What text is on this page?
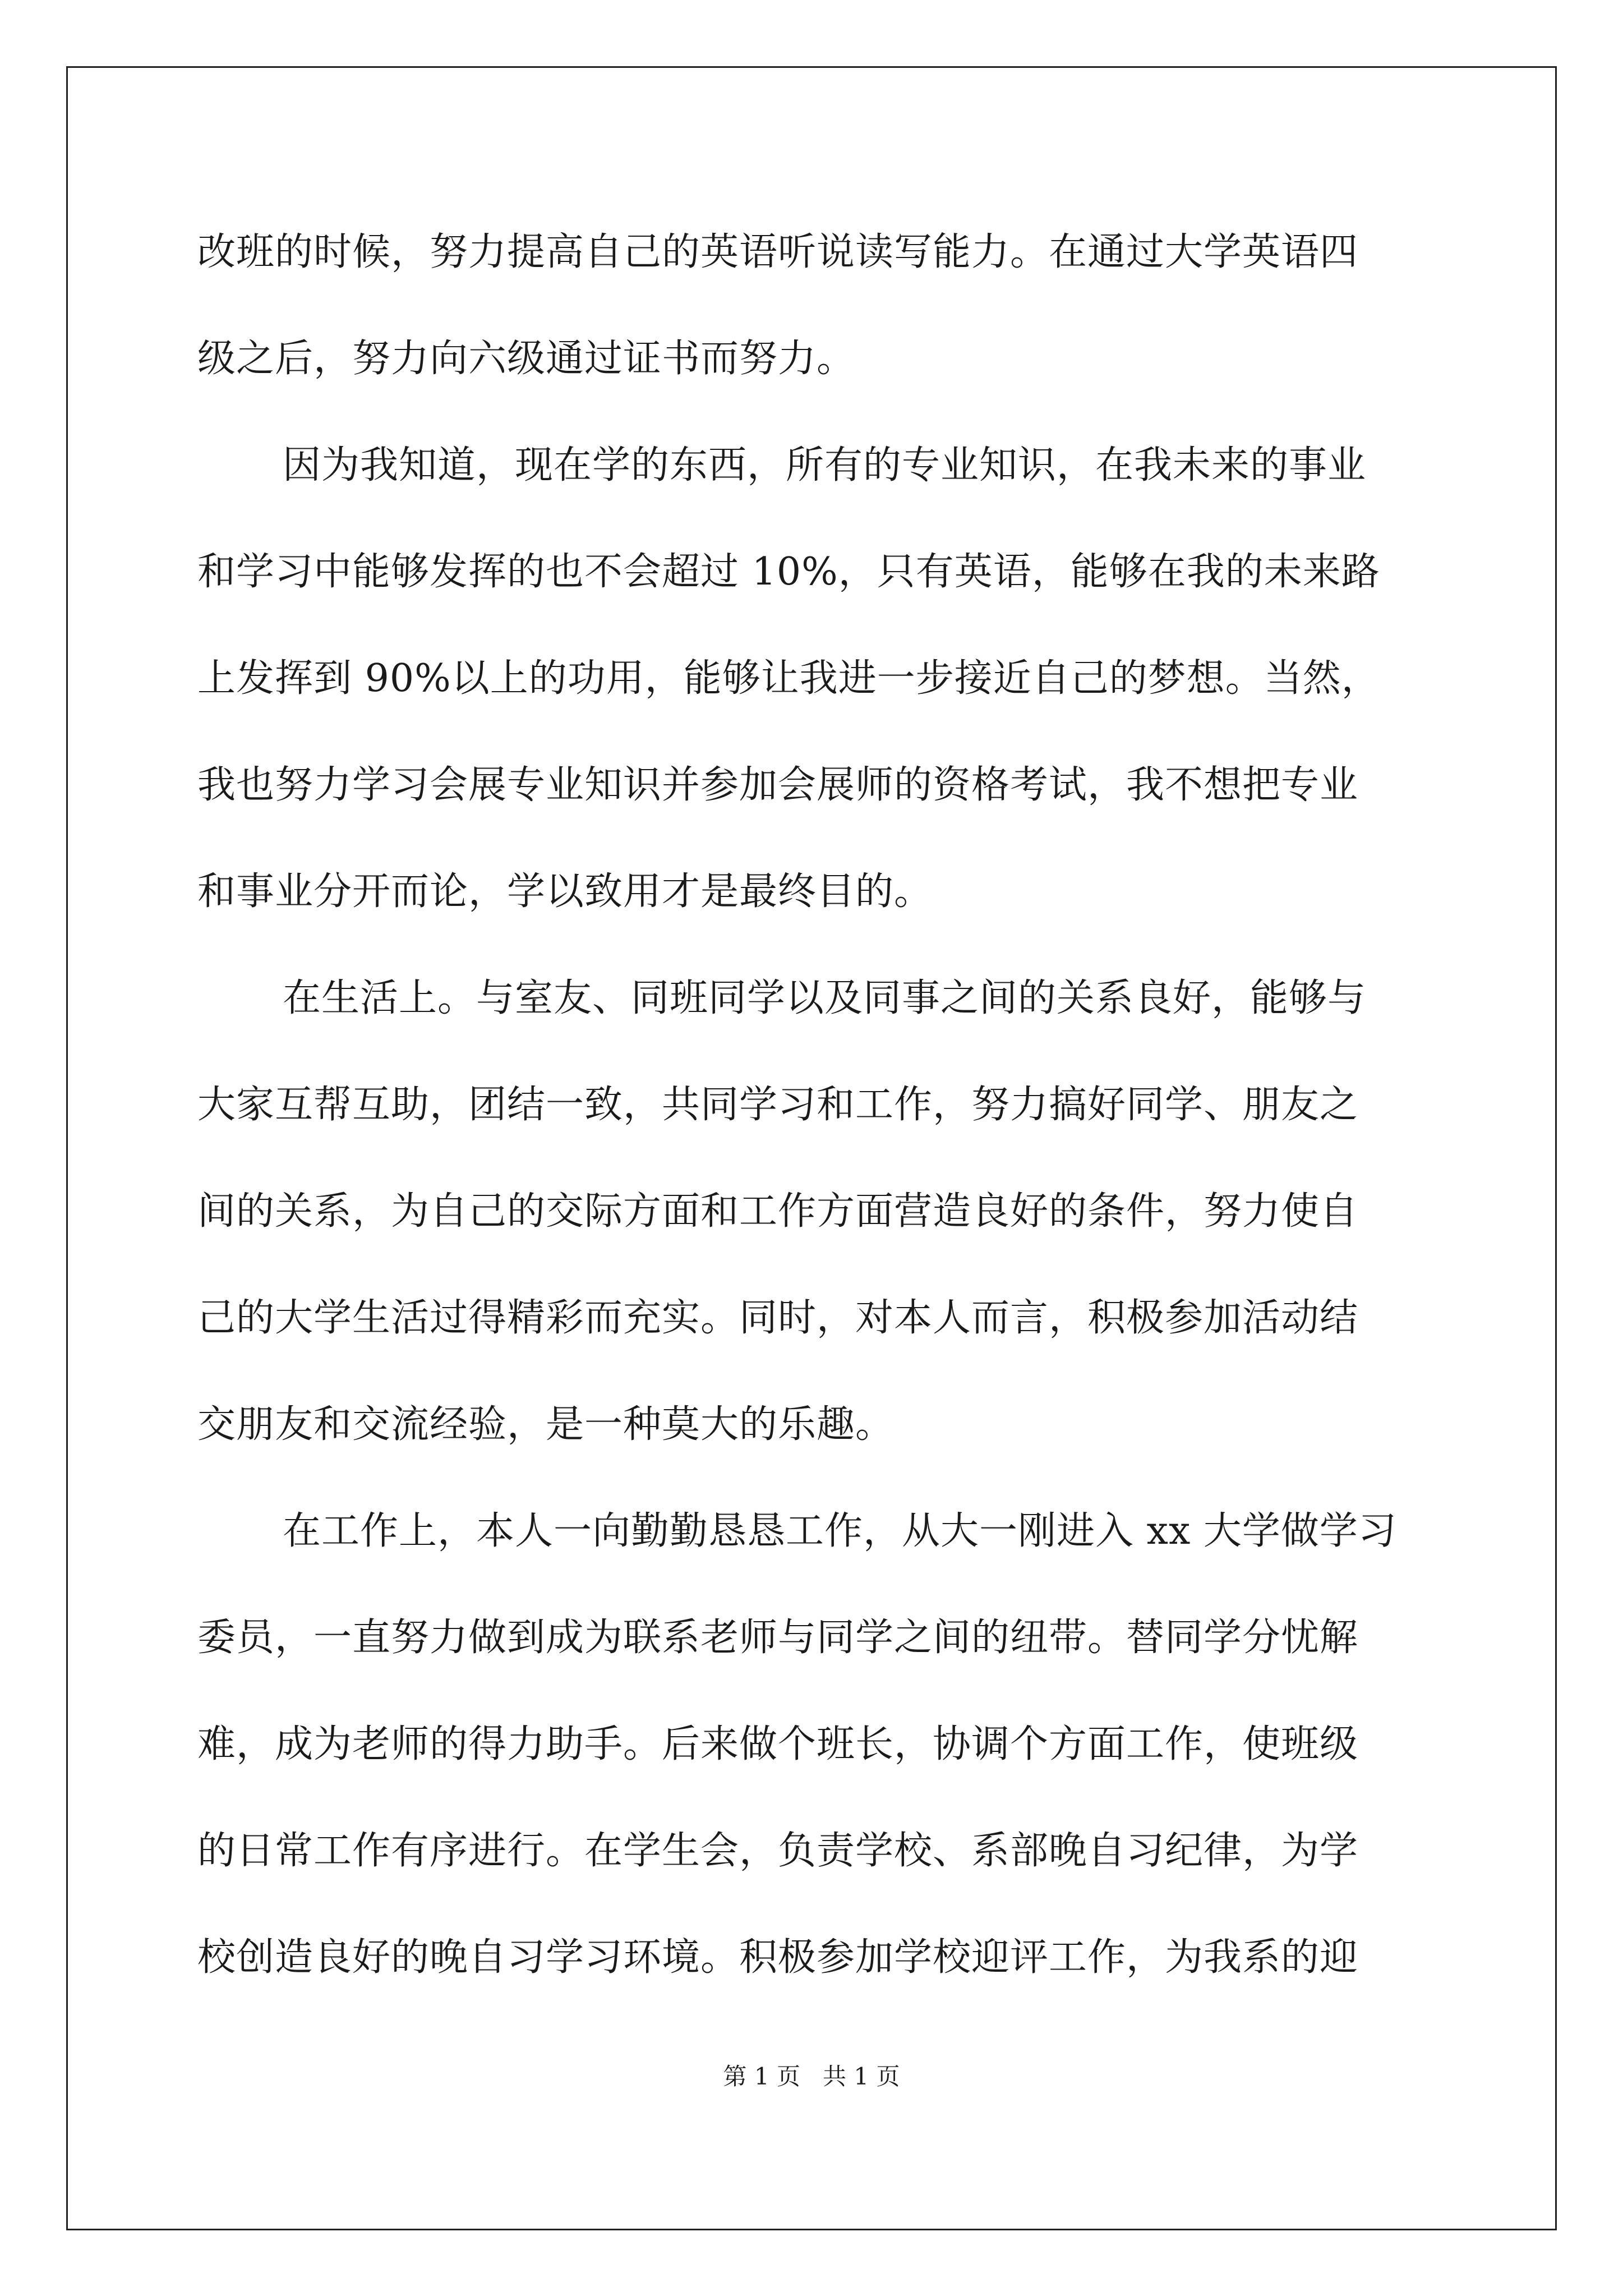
改班的时候，努力提高自己的英语听说读写能力。在通过大学英语四
级之后，努力向六级通过证书而努力。
因为我知道，现在学的东西，所有的专业知识，在我未来的事业
和学习中能够发挥的也不会超过 10%，只有英语，能够在我的未来路
上发挥到 90%以上的功用，能够让我进一步接近自己的梦想。当然，
我也努力学习会展专业知识并参加会展师的资格考试，我不想把专业
和事业分开而论，学以致用才是最终目的。
在生活上。与室友、同班同学以及同事之间的关系良好，能够与
大家互帮互助，团结一致，共同学习和工作，努力搞好同学、朋友之
间的关系，为自己的交际方面和工作方面营造良好的条件，努力使自
己的大学生活过得精彩而充实。同时，对本人而言，积极参加活动结
交朋友和交流经验，是一种莫大的乐趣。
在工作上，本人一向勤勤恳恳工作，从大一刚进入 xx 大学做学习
委员，一直努力做到成为联系老师与同学之间的纽带。替同学分忧解
难，成为老师的得力助手。后来做个班长，协调个方面工作，使班级
的日常工作有序进行。在学生会，负责学校、系部晚自习纪律，为学
校创造良好的晚自习学习环境。积极参加学校迎评工作，为我系的迎
第 1 页   共 1 页
